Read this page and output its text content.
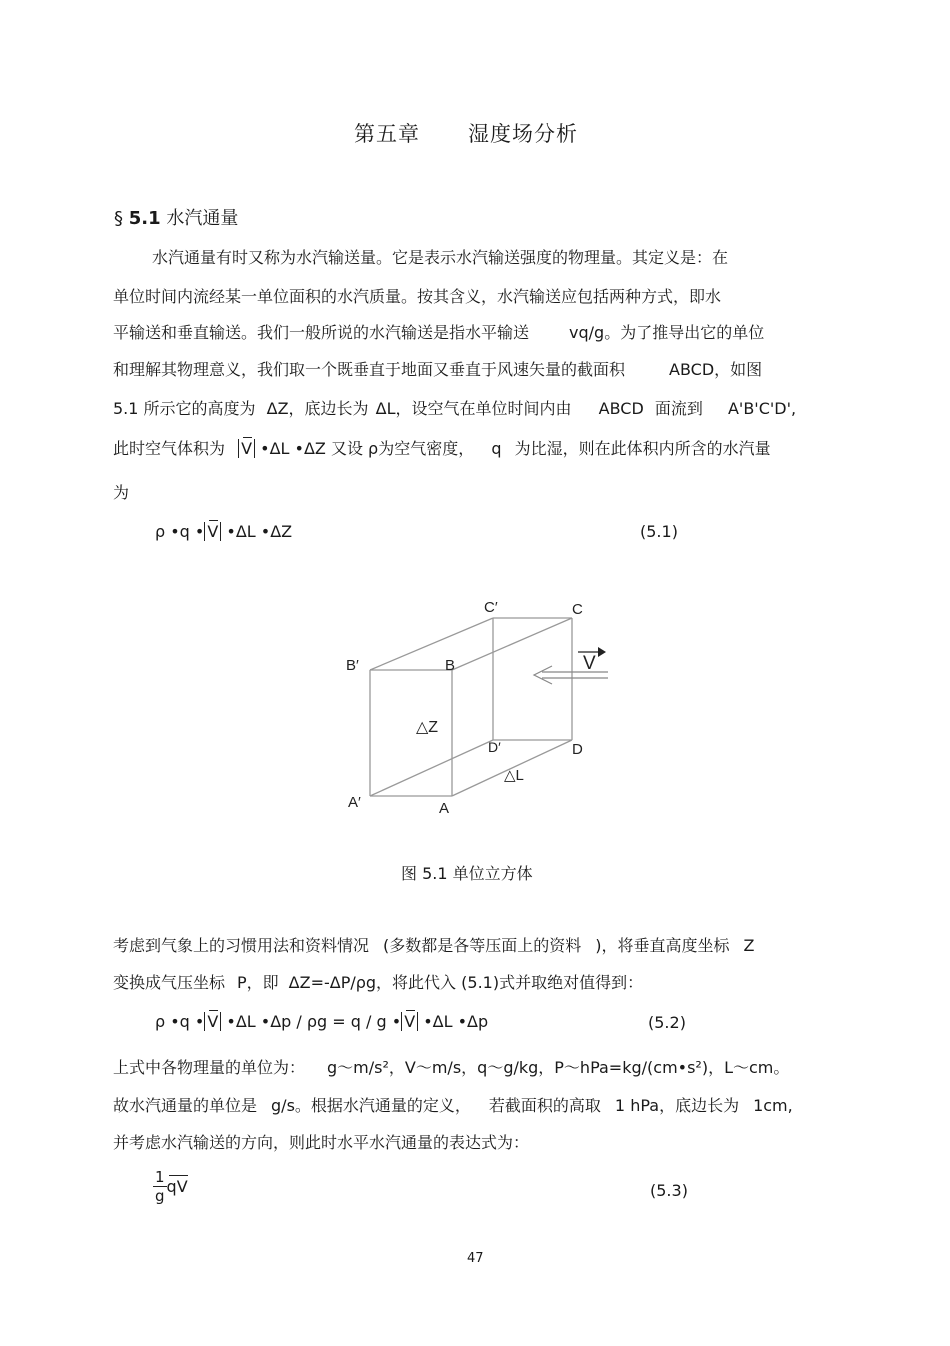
第五章 湿度场分析
§ 5.1 水汽通量
水汽通量有时又称为水汽输送量。它是表示水汽输送强度的物理量。其定义是：在
单位时间内流经某一单位面积的水汽质量。按其含义，水汽输送应包括两种方式，即水
平输送和垂直输送。我们一般所说的水汽输送是指水平输送	vq/g。为了推导出它的单位
和理解其物理意义，我们取一个既垂直于地面又垂直于风速矢量的截面积	ABCD，如图
5.1 所示它的高度为 ΔZ，底边长为 ΔL，设空气在单位时间内由 ABCD 面流到 A'B'C'D',
此时空气体积为 V •ΔL •ΔZ 又设 ρ为空气密度， q 为比湿，则在此体积内所含的水汽量
为
ρ •q • V •ΔL •ΔZ	(5.1)
C′	C
B′	B	V
△Z
D′	D
△L
A′	A
图 5.1 单位立方体
考虑到气象上的习惯用法和资料情况 (多数都是各等压面上的资料 )，将垂直高度坐标 Z
变换成气压坐标 P，即 ΔZ=-ΔP/ρg，将此代入 (5.1)式并取绝对值得到：
ρ •q • V •ΔL •Δp / ρg = q / g • V •ΔL •Δp	(5.2)
上式中各物理量的单位为： g～m/s²，V～m/s，q～g/kg，P～hPa=kg/(cm•s²)，L～cm。
故水汽通量的单位是 g/s。根据水汽通量的定义， 若截面积的高取 1 hPa，底边长为 1cm,
并考虑水汽输送的方向，则此时水平水汽通量的表达式为：
$\frac{1}{g}$ qV	(5.3)
47
